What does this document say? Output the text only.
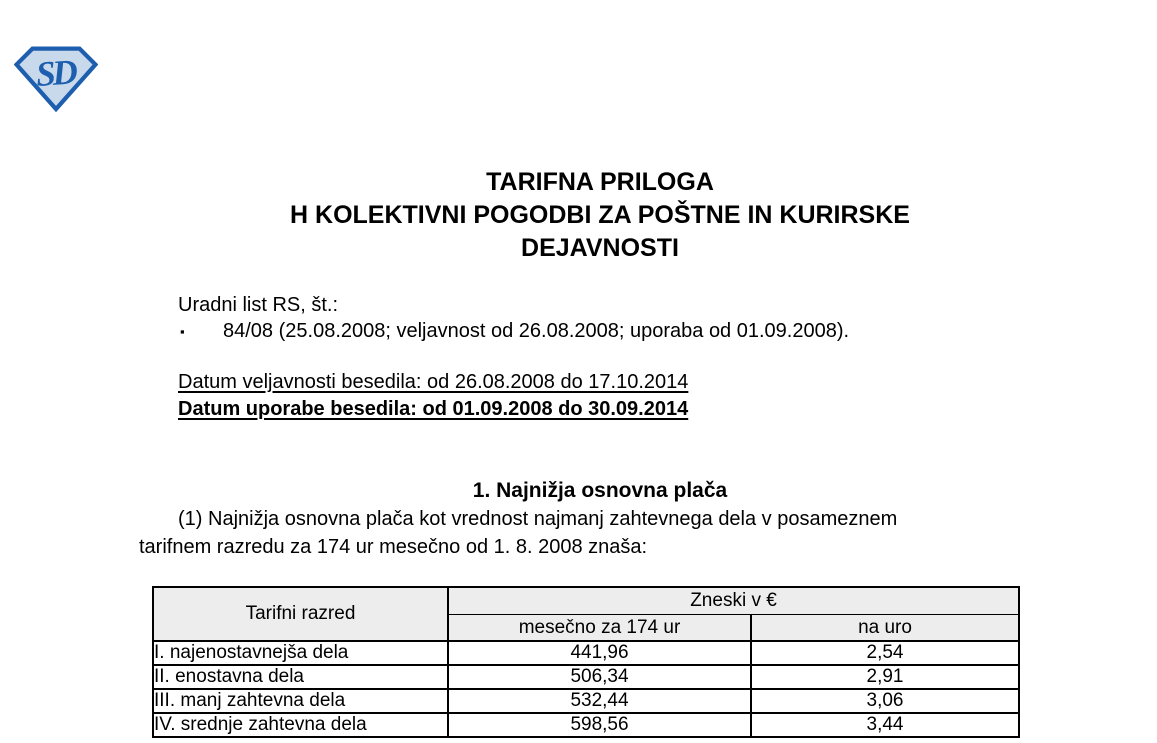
SD
TARIFNA PRILOGA
H KOLEKTIVNI POGODBI ZA POŠTNE IN KURIRSKE
DEJAVNOSTI
Uradni list RS, št.:
▪	84/08 (25.08.2008; veljavnost od 26.08.2008; uporaba od 01.09.2008).
Datum veljavnosti besedila: od 26.08.2008 do 17.10.2014
Datum uporabe besedila: od 01.09.2008 do 30.09.2014
1. Najnižja osnovna plača
(1) Najnižja osnovna plača kot vrednost najmanj zahtevnega dela v posameznem
tarifnem razredu za 174 ur mesečno od 1. 8. 2008 znaša:
Tarifni razred	Zneski v €	
	mesečno za 174 ur	na uro
I. najenostavnejša dela	441,96	2,54
II. enostavna dela	506,34	2,91
III. manj zahtevna dela	532,44	3,06
IV. srednje zahtevna dela	598,56	3,44
